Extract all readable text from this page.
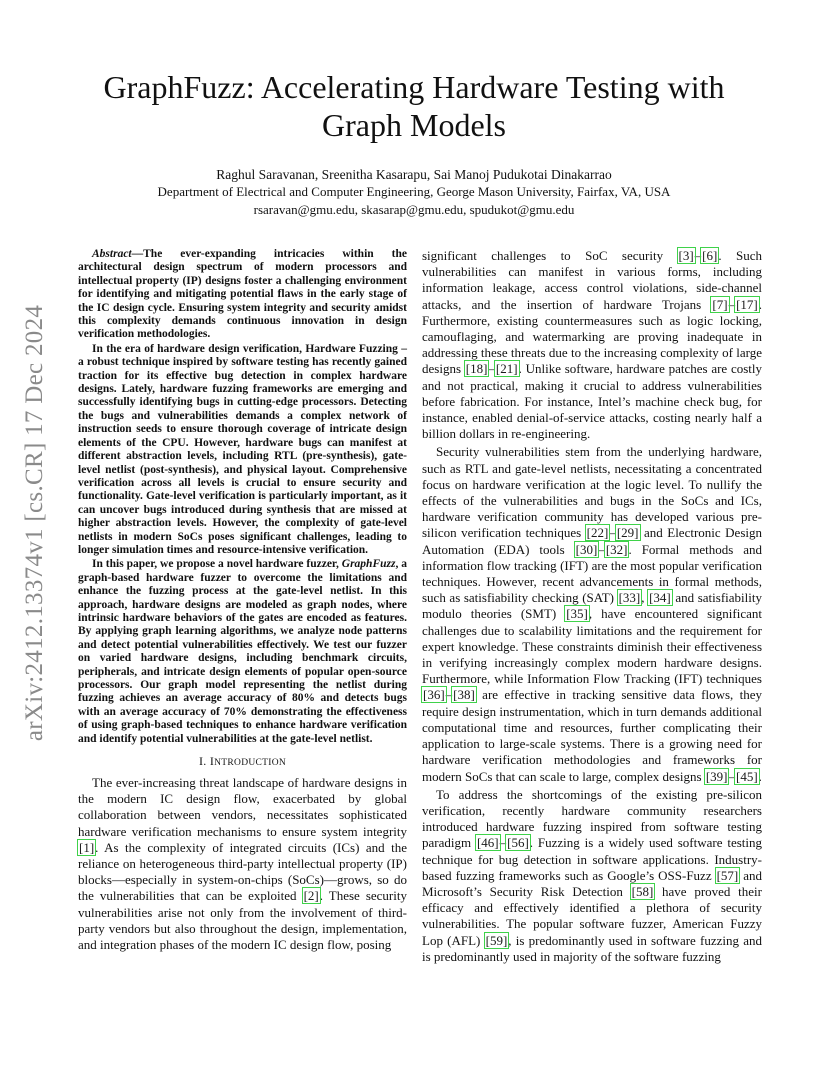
arXiv:2412.13374v1 [cs.CR] 17 Dec 2024
GraphFuzz: Accelerating Hardware Testing with
Graph Models
Raghul Saravanan, Sreenitha Kasarapu, Sai Manoj Pudukotai Dinakarrao
Department of Electrical and Computer Engineering, George Mason University, Fairfax, VA, USA
rsaravan@gmu.edu, skasarap@gmu.edu, spudukot@gmu.edu

Abstract—The ever-expanding intricacies within the architectural design spectrum of modern processors and intellectual property (IP) designs foster a challenging environment for identifying and mitigating potential flaws in the early stage of the IC design cycle. Ensuring system integrity and security amidst this complexity demands continuous innovation in design verification methodologies.

In the era of hardware design verification, Hardware Fuzzing – a robust technique inspired by software testing has recently gained traction for its effective bug detection in complex hardware designs. Lately, hardware fuzzing frameworks are emerging and successfully identifying bugs in cutting-edge processors. Detecting the bugs and vulnerabilities demands a complex network of instruction seeds to ensure thorough coverage of intricate design elements of the CPU. However, hardware bugs can manifest at different abstraction levels, including RTL (pre-synthesis), gate-level netlist (post-synthesis), and physical layout. Comprehensive verification across all levels is crucial to ensure security and functionality. Gate-level verification is particularly important, as it can uncover bugs introduced during synthesis that are missed at higher abstraction levels. However, the complexity of gate-level netlists in modern SoCs poses significant challenges, leading to longer simulation times and resource-intensive verification.

In this paper, we propose a novel hardware fuzzer, GraphFuzz, a graph-based hardware fuzzer to overcome the limitations and enhance the fuzzing process at the gate-level netlist. In this approach, hardware designs are modeled as graph nodes, where intrinsic hardware behaviors of the gates are encoded as features. By applying graph learning algorithms, we analyze node patterns and detect potential vulnerabilities effectively. We test our fuzzer on varied hardware designs, including benchmark circuits, peripherals, and intricate design elements of popular open-source processors. Our graph model representing the netlist during fuzzing achieves an average accuracy of 80% and detects bugs with an average accuracy of 70% demonstrating the effectiveness of using graph-based techniques to enhance hardware verification and identify potential vulnerabilities at the gate-level netlist.

I. INTRODUCTION

The ever-increasing threat landscape of hardware designs in the modern IC design flow, exacerbated by global collaboration between vendors, necessitates sophisticated hardware verification mechanisms to ensure system integrity [1]. As the complexity of integrated circuits (ICs) and the reliance on heterogeneous third-party intellectual property (IP) blocks—especially in system-on-chips (SoCs)—grows, so do the vulnerabilities that can be exploited [2]. These security vulnerabilities arise not only from the involvement of third-party vendors but also throughout the design, implementation, and integration phases of the modern IC design flow, posing

significant challenges to SoC security [3]–[6]. Such vulnerabilities can manifest in various forms, including information leakage, access control violations, side-channel attacks, and the insertion of hardware Trojans [7]–[17]. Furthermore, existing countermeasures such as logic locking, camouflaging, and watermarking are proving inadequate in addressing these threats due to the increasing complexity of large designs [18]–[21]. Unlike software, hardware patches are costly and not practical, making it crucial to address vulnerabilities before fabrication. For instance, Intel’s machine check bug, for instance, enabled denial-of-service attacks, costing nearly half a billion dollars in re-engineering.

Security vulnerabilities stem from the underlying hardware, such as RTL and gate-level netlists, necessitating a concentrated focus on hardware verification at the logic level. To nullify the effects of the vulnerabilities and bugs in the SoCs and ICs, hardware verification community has developed various pre-silicon verification techniques [22]–[29] and Electronic Design Automation (EDA) tools [30]–[32]. Formal methods and information flow tracking (IFT) are the most popular verification techniques. However, recent advancements in formal methods, such as satisfiability checking (SAT) [33], [34] and satisfiability modulo theories (SMT) [35], have encountered significant challenges due to scalability limitations and the requirement for expert knowledge. These constraints diminish their effectiveness in verifying increasingly complex modern hardware designs. Furthermore, while Information Flow Tracking (IFT) techniques [36]–[38] are effective in tracking sensitive data flows, they require design instrumentation, which in turn demands additional computational time and resources, further complicating their application to large-scale systems. There is a growing need for hardware verification methodologies and frameworks for modern SoCs that can scale to large, complex designs [39]–[45].

To address the shortcomings of the existing pre-silicon verification, recently hardware community researchers introduced hardware fuzzing inspired from software testing paradigm [46]–[56]. Fuzzing is a widely used software testing technique for bug detection in software applications. Industry-based fuzzing frameworks such as Google’s OSS-Fuzz [57] and Microsoft’s Security Risk Detection [58] have proved their efficacy and effectively identified a plethora of security vulnerabilities. The popular software fuzzer, American Fuzzy Lop (AFL) [59], is predominantly used in software fuzzing and is predominantly used in majority of the software fuzzing
